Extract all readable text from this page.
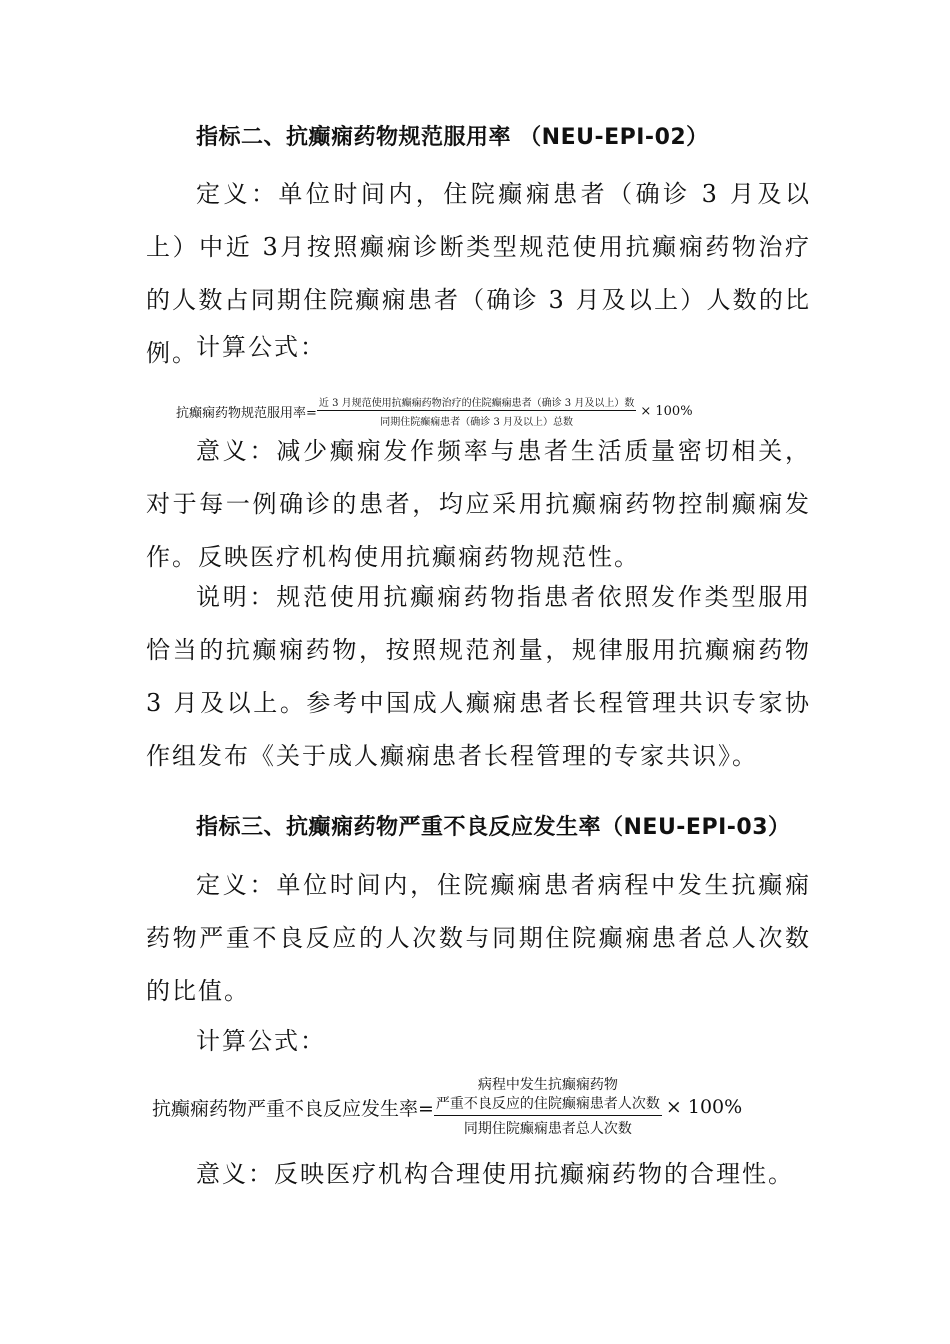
指标二、抗癫痫药物规范服用率 （NEU-EPI-02）
定义：单位时间内，住院癫痫患者（确诊 3 月及以上）中近 3月按照癫痫诊断类型规范使用抗癫痫药物治疗的人数占同期住院癫痫患者（确诊 3 月及以上）人数的比例。
计算公式：
抗癫痫药物规范服用率= $\frac{\text{近 3 月规范使用抗癫痫药物治疗的住院癫痫患者（确诊 3 月及以上）数}}{\text{同期住院癫痫患者（确诊 3 月及以上）总数}} \times 100\%$
意义：减少癫痫发作频率与患者生活质量密切相关，对于每一例确诊的患者，均应采用抗癫痫药物控制癫痫发作。反映医疗机构使用抗癫痫药物规范性。
说明：规范使用抗癫痫药物指患者依照发作类型服用恰当的抗癫痫药物，按照规范剂量，规律服用抗癫痫药物 3 月及以上。参考中国成人癫痫患者长程管理共识专家协作组发布《关于成人癫痫患者长程管理的专家共识》。
指标三、抗癫痫药物严重不良反应发生率（NEU-EPI-03）
定义：单位时间内，住院癫痫患者病程中发生抗癫痫药物严重不良反应的人次数与同期住院癫痫患者总人次数的比值。
计算公式：
抗癫痫药物严重不良反应发生率= 病程中发生抗癫痫药物
严重不良反应的住院癫痫患者人次数
同期住院癫痫患者总人次数 × 100%
意义：反映医疗机构合理使用抗癫痫药物的合理性。
